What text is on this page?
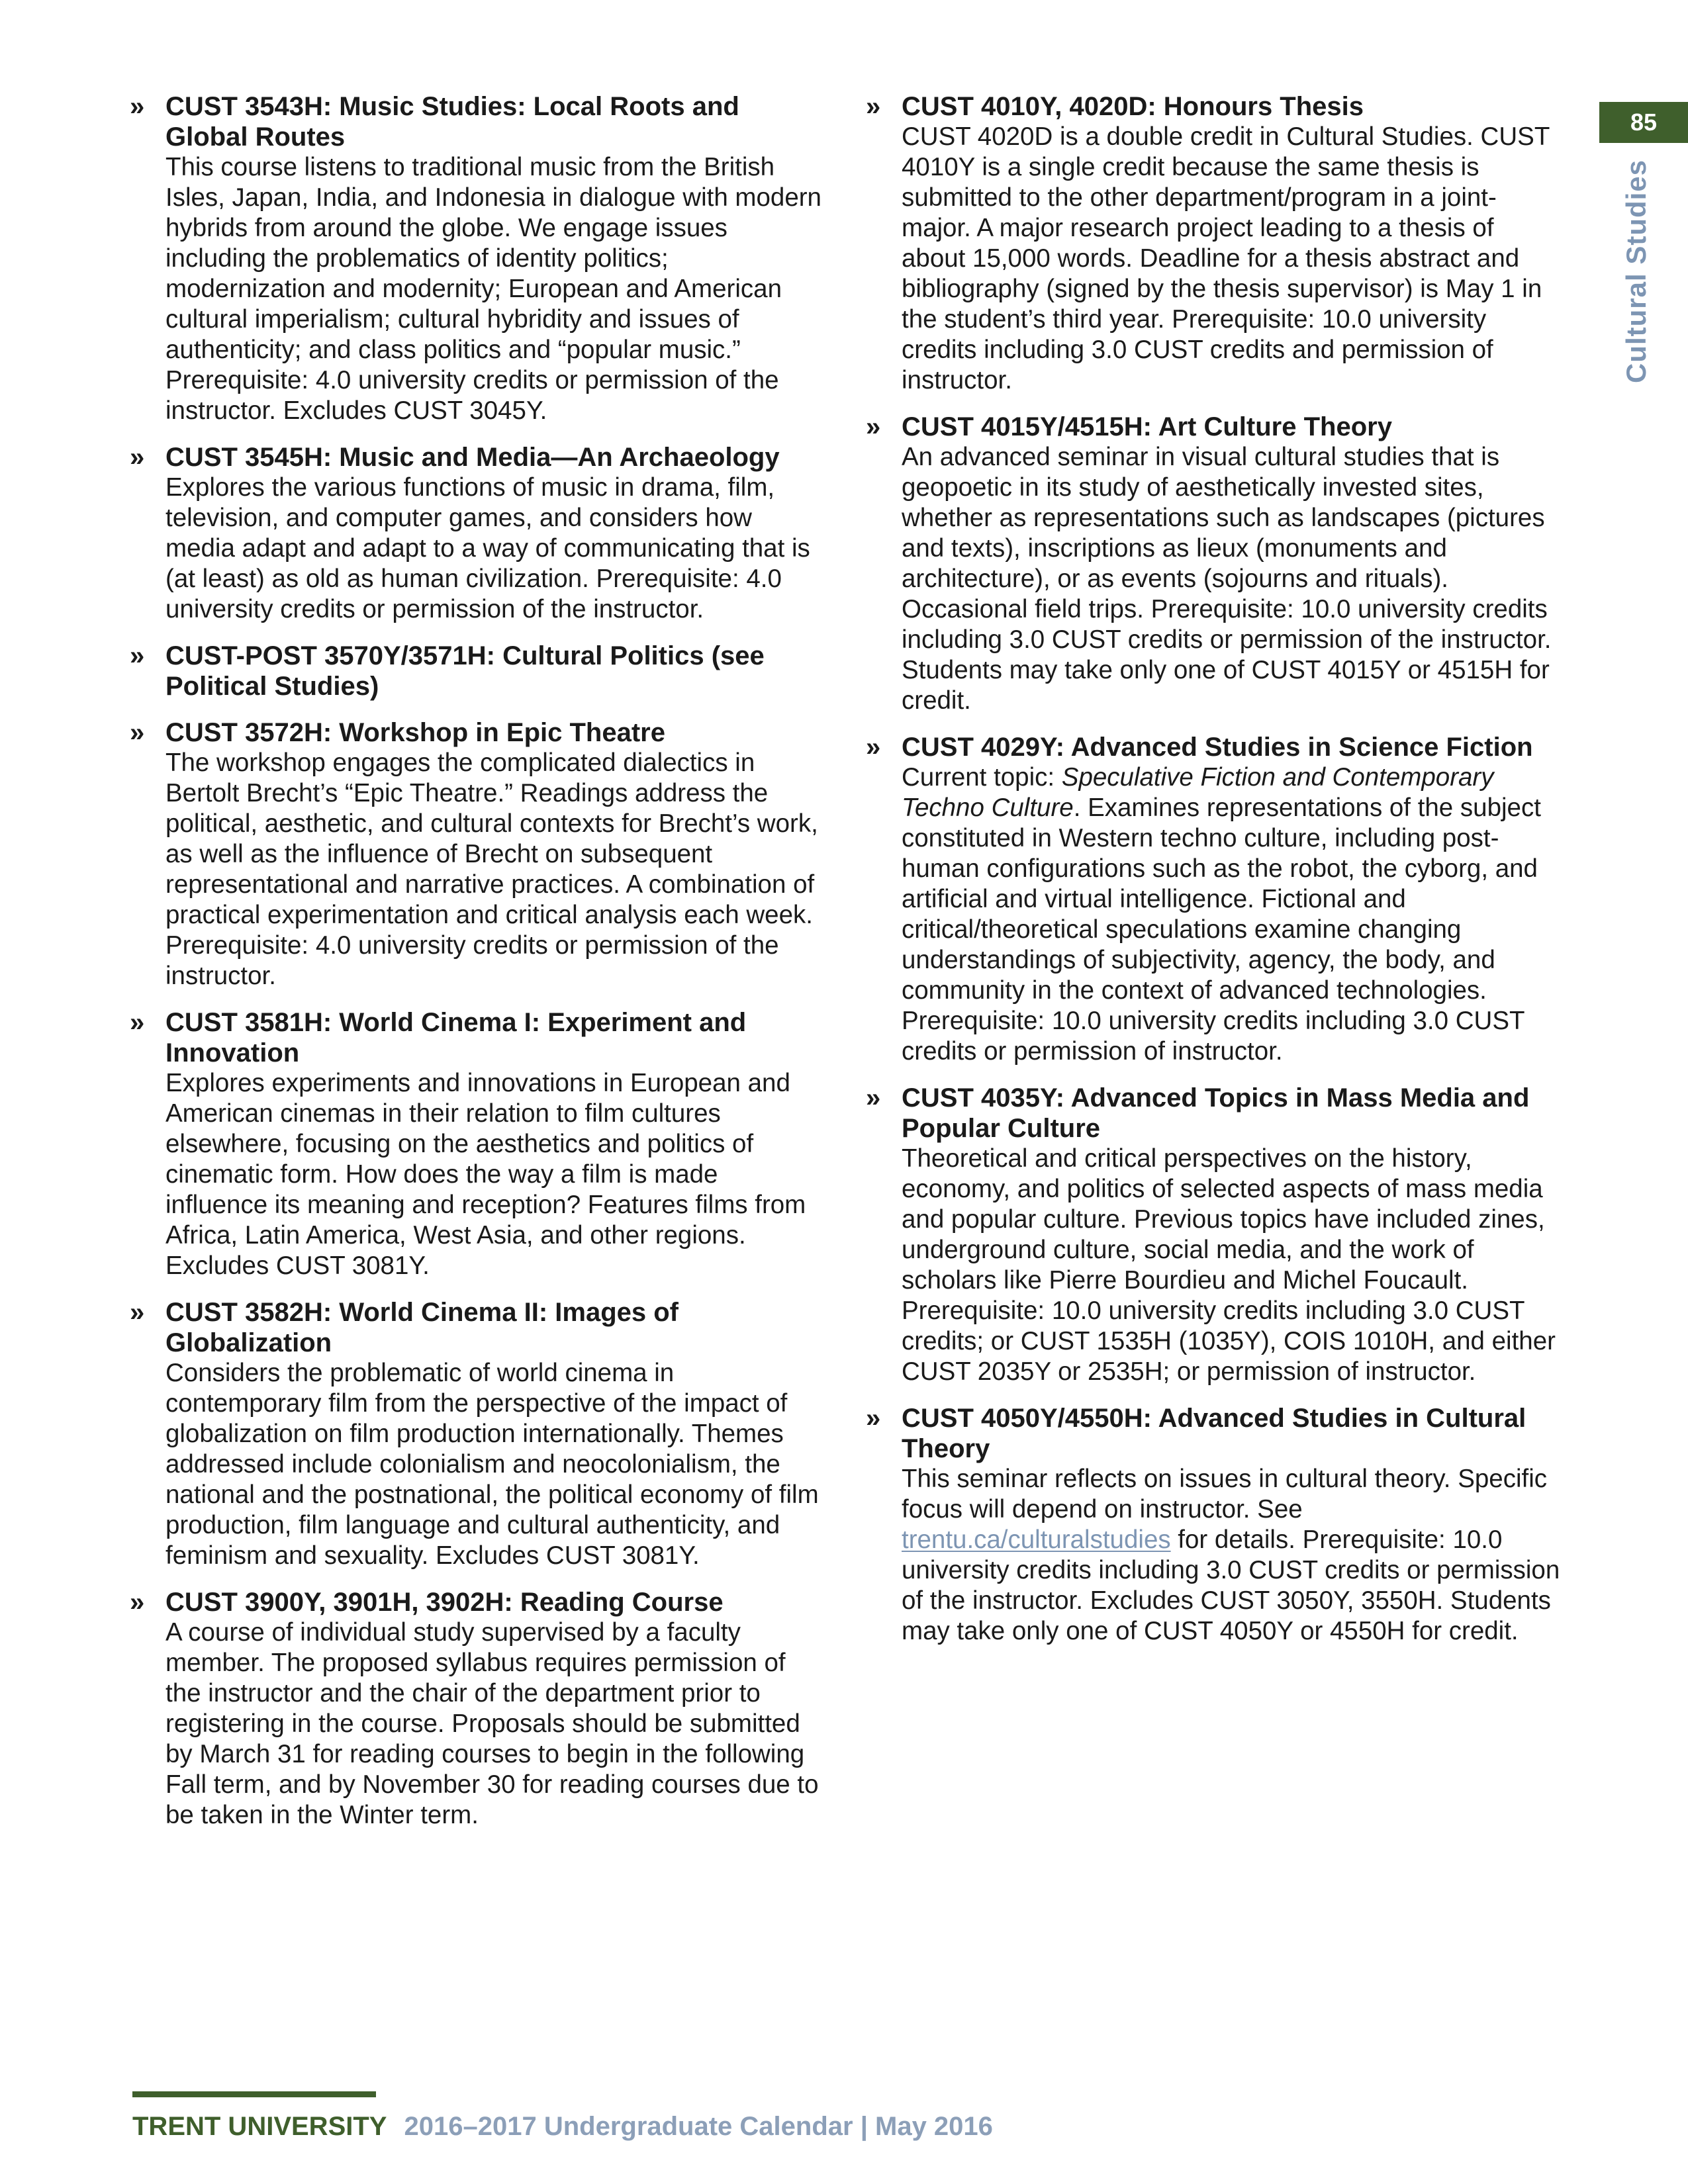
» CUST 3543H: Music Studies: Local Roots and Global Routes

This course listens to traditional music from the British Isles, Japan, India, and Indonesia in dialogue with modern hybrids from around the globe. We engage issues including the problematics of identity politics; modernization and modernity; European and American cultural imperialism; cultural hybridity and issues of authenticity; and class politics and “popular music.” Prerequisite: 4.0 university credits or permission of the instructor. Excludes CUST 3045Y.

» CUST 3545H: Music and Media—An Archaeology

Explores the various functions of music in drama, film, television, and computer games, and considers how media adapt and adapt to a way of communicating that is (at least) as old as human civilization. Prerequisite: 4.0 university credits or permission of the instructor.

» CUST-POST 3570Y/3571H: Cultural Politics (see Political Studies)
» CUST 3572H: Workshop in Epic Theatre

The workshop engages the complicated dialectics in Bertolt Brecht’s “Epic Theatre.” Readings address the political, aesthetic, and cultural contexts for Brecht’s work, as well as the influence of Brecht on subsequent representational and narrative practices. A combination of practical experimentation and critical analysis each week. Prerequisite: 4.0 university credits or permission of the instructor.

» CUST 3581H: World Cinema I: Experiment and Innovation

Explores experiments and innovations in European and American cinemas in their relation to film cultures elsewhere, focusing on the aesthetics and politics of cinematic form. How does the way a film is made influence its meaning and reception? Features films from Africa, Latin America, West Asia, and other regions. Excludes CUST 3081Y.

» CUST 3582H: World Cinema II: Images of Globalization

Considers the problematic of world cinema in contemporary film from the perspective of the impact of globalization on film production internationally. Themes addressed include colonialism and neocolonialism, the national and the postnational, the political economy of film production, film language and cultural authenticity, and feminism and sexuality. Excludes CUST 3081Y.

» CUST 3900Y, 3901H, 3902H: Reading Course

A course of individual study supervised by a faculty member. The proposed syllabus requires permission of the instructor and the chair of the department prior to registering in the course. Proposals should be submitted by March 31 for reading courses to begin in the following Fall term, and by November 30 for reading courses due to be taken in the Winter term.

» CUST 4010Y, 4020D: Honours Thesis

CUST 4020D is a double credit in Cultural Studies. CUST 4010Y is a single credit because the same thesis is submitted to the other department/program in a joint-major. A major research project leading to a thesis of about 15,000 words. Deadline for a thesis abstract and bibliography (signed by the thesis supervisor) is May 1 in the student’s third year. Prerequisite: 10.0 university credits including 3.0 CUST credits and permission of instructor.

» CUST 4015Y/4515H: Art Culture Theory

An advanced seminar in visual cultural studies that is geopoetic in its study of aesthetically invested sites, whether as representations such as landscapes (pictures and texts), inscriptions as lieux (monuments and architecture), or as events (sojourns and rituals). Occasional field trips. Prerequisite: 10.0 university credits including 3.0 CUST credits or permission of the instructor. Students may take only one of CUST 4015Y or 4515H for credit.

» CUST 4029Y: Advanced Studies in Science Fiction

Current topic: Speculative Fiction and Contemporary Techno Culture. Examines representations of the subject constituted in Western techno culture, including post-human configurations such as the robot, the cyborg, and artificial and virtual intelligence. Fictional and critical/theoretical speculations examine changing understandings of subjectivity, agency, the body, and community in the context of advanced technologies. Prerequisite: 10.0 university credits including 3.0 CUST credits or permission of instructor.

» CUST 4035Y: Advanced Topics in Mass Media and Popular Culture

Theoretical and critical perspectives on the history, economy, and politics of selected aspects of mass media and popular culture. Previous topics have included zines, underground culture, social media, and the work of scholars like Pierre Bourdieu and Michel Foucault. Prerequisite: 10.0 university credits including 3.0 CUST credits; or CUST 1535H (1035Y), COIS 1010H, and either CUST 2035Y or 2535H; or permission of instructor.

» CUST 4050Y/4550H: Advanced Studies in Cultural Theory

This seminar reflects on issues in cultural theory. Specific focus will depend on instructor. See trentu.ca/culturalstudies for details. Prerequisite: 10.0 university credits including 3.0 CUST credits or permission of the instructor. Excludes CUST 3050Y, 3550H. Students may take only one of CUST 4050Y or 4550H for credit.

85
Cultural Studies
TRENT UNIVERSITY 2016–2017 Undergraduate Calendar | May 2016
